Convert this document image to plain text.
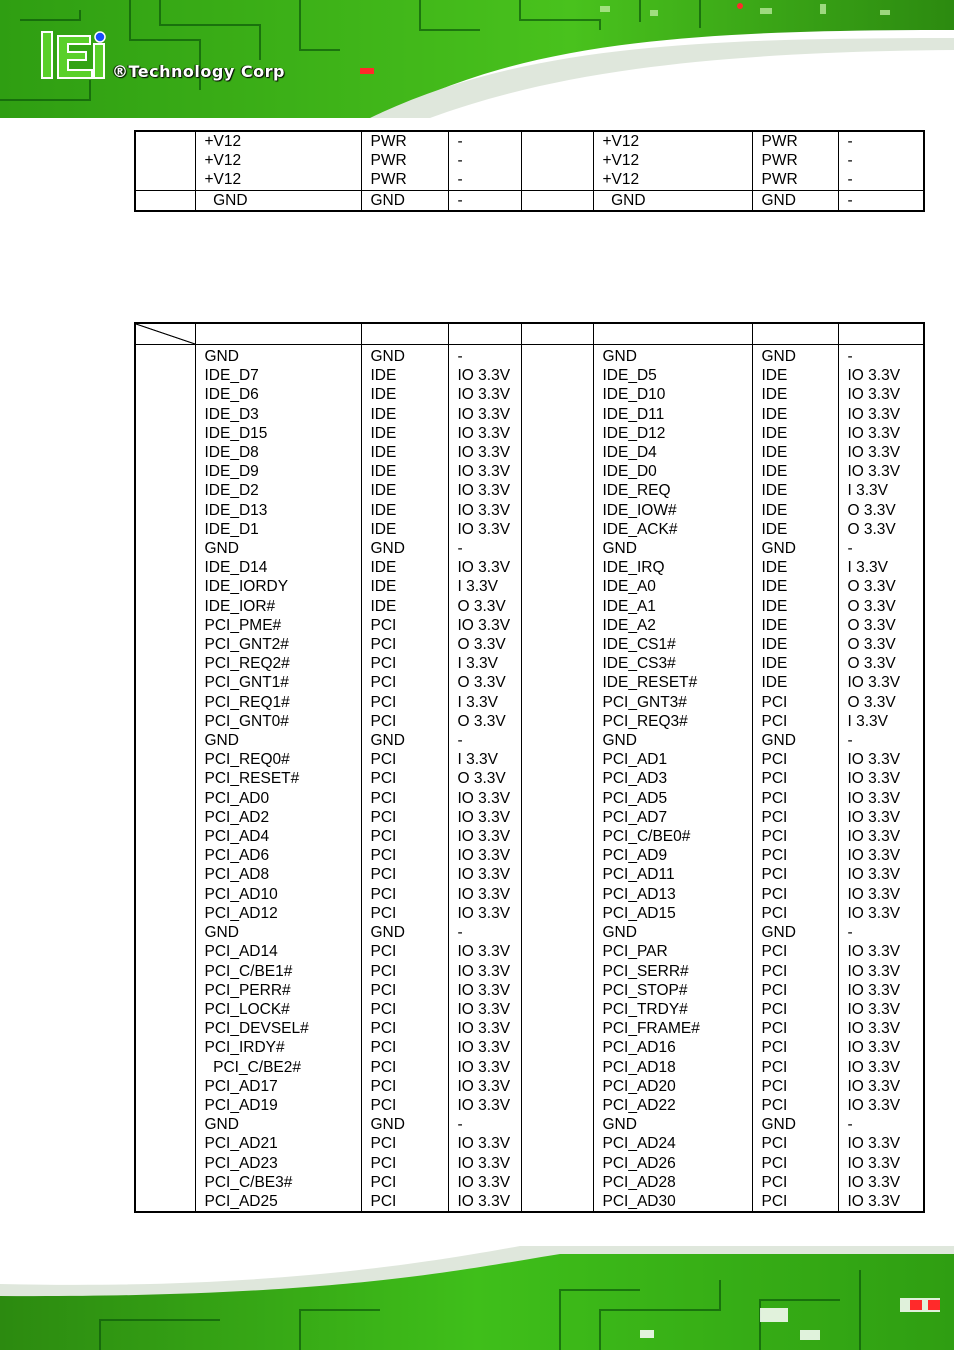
®Technology Corp
	+V12	PWR	-		+V12	PWR	-
	+V12	PWR	-		+V12	PWR	-
	+V12	PWR	-		+V12	PWR	-
	GND	GND	-		GND	GND	-

	GND	GND	-		GND	GND	-
	IDE_D7	IDE	IO 3.3V		IDE_D5	IDE	IO 3.3V
	IDE_D6	IDE	IO 3.3V		IDE_D10	IDE	IO 3.3V
	IDE_D3	IDE	IO 3.3V		IDE_D11	IDE	IO 3.3V
	IDE_D15	IDE	IO 3.3V		IDE_D12	IDE	IO 3.3V
	IDE_D8	IDE	IO 3.3V		IDE_D4	IDE	IO 3.3V
	IDE_D9	IDE	IO 3.3V		IDE_D0	IDE	IO 3.3V
	IDE_D2	IDE	IO 3.3V		IDE_REQ	IDE	I 3.3V
	IDE_D13	IDE	IO 3.3V		IDE_IOW#	IDE	O 3.3V
	IDE_D1	IDE	IO 3.3V		IDE_ACK#	IDE	O 3.3V
	GND	GND	-		GND	GND	-
	IDE_D14	IDE	IO 3.3V		IDE_IRQ	IDE	I 3.3V
	IDE_IORDY	IDE	I 3.3V		IDE_A0	IDE	O 3.3V
	IDE_IOR#	IDE	O 3.3V		IDE_A1	IDE	O 3.3V
	PCI_PME#	PCI	IO 3.3V		IDE_A2	IDE	O 3.3V
	PCI_GNT2#	PCI	O 3.3V		IDE_CS1#	IDE	O 3.3V
	PCI_REQ2#	PCI	I 3.3V		IDE_CS3#	IDE	O 3.3V
	PCI_GNT1#	PCI	O 3.3V		IDE_RESET#	IDE	IO 3.3V
	PCI_REQ1#	PCI	I 3.3V		PCI_GNT3#	PCI	O 3.3V
	PCI_GNT0#	PCI	O 3.3V		PCI_REQ3#	PCI	I 3.3V
	GND	GND	-		GND	GND	-
	PCI_REQ0#	PCI	I 3.3V		PCI_AD1	PCI	IO 3.3V
	PCI_RESET#	PCI	O 3.3V		PCI_AD3	PCI	IO 3.3V
	PCI_AD0	PCI	IO 3.3V		PCI_AD5	PCI	IO 3.3V
	PCI_AD2	PCI	IO 3.3V		PCI_AD7	PCI	IO 3.3V
	PCI_AD4	PCI	IO 3.3V		PCI_C/BE0#	PCI	IO 3.3V
	PCI_AD6	PCI	IO 3.3V		PCI_AD9	PCI	IO 3.3V
	PCI_AD8	PCI	IO 3.3V		PCI_AD11	PCI	IO 3.3V
	PCI_AD10	PCI	IO 3.3V		PCI_AD13	PCI	IO 3.3V
	PCI_AD12	PCI	IO 3.3V		PCI_AD15	PCI	IO 3.3V
	GND	GND	-		GND	GND	-
	PCI_AD14	PCI	IO 3.3V		PCI_PAR	PCI	IO 3.3V
	PCI_C/BE1#	PCI	IO 3.3V		PCI_SERR#	PCI	IO 3.3V
	PCI_PERR#	PCI	IO 3.3V		PCI_STOP#	PCI	IO 3.3V
	PCI_LOCK#	PCI	IO 3.3V		PCI_TRDY#	PCI	IO 3.3V
	PCI_DEVSEL#	PCI	IO 3.3V		PCI_FRAME#	PCI	IO 3.3V
	PCI_IRDY#	PCI	IO 3.3V		PCI_AD16	PCI	IO 3.3V
	PCI_C/BE2#	PCI	IO 3.3V		PCI_AD18	PCI	IO 3.3V
	PCI_AD17	PCI	IO 3.3V		PCI_AD20	PCI	IO 3.3V
	PCI_AD19	PCI	IO 3.3V		PCI_AD22	PCI	IO 3.3V
	GND	GND	-		GND	GND	-
	PCI_AD21	PCI	IO 3.3V		PCI_AD24	PCI	IO 3.3V
	PCI_AD23	PCI	IO 3.3V		PCI_AD26	PCI	IO 3.3V
	PCI_C/BE3#	PCI	IO 3.3V		PCI_AD28	PCI	IO 3.3V
	PCI_AD25	PCI	IO 3.3V		PCI_AD30	PCI	IO 3.3V
